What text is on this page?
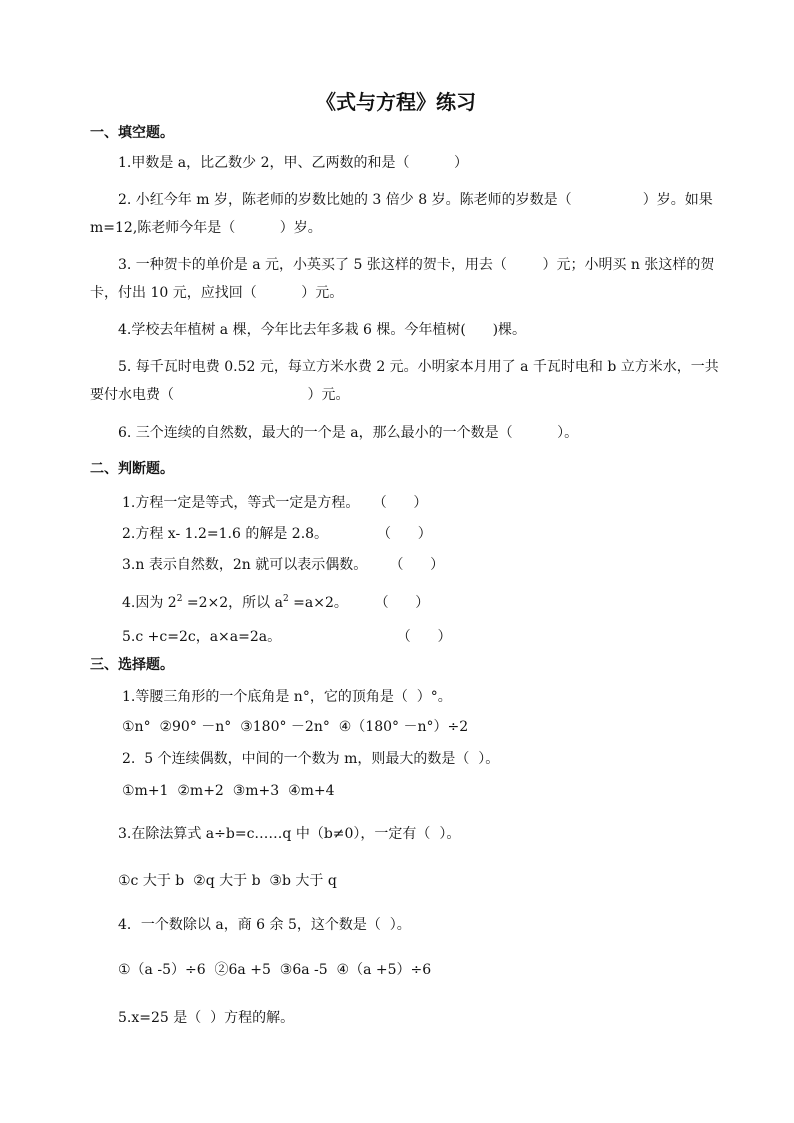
《式与方程》练习
一、填空题。
1.甲数是 a，比乙数少 2，甲、乙两数的和是（          ）
2. 小红今年 m 岁，陈老师的岁数比她的 3 倍少 8 岁。陈老师的岁数是（                ）岁。如果
m=12,陈老师今年是（          ）岁。
3. 一种贺卡的单价是 a 元，小英买了 5 张这样的贺卡，用去（        ）元；小明买 n 张这样的贺
卡，付出 10 元，应找回（          ）元。
4.学校去年植树 a 棵，今年比去年多栽 6 棵。今年植树(      )棵。
5. 每千瓦时电费 0.52 元，每立方米水费 2 元。小明家本月用了 a 千瓦时电和 b 立方米水，一共
要付水电费（                              ）元。
6. 三个连续的自然数，最大的一个是 a，那么最小的一个数是（          ）。
二、判断题。
1.方程一定是等式，等式一定是方程。   （      ）
2.方程 x- 1.2=1.6 的解是 2.8。           （      ）
3.n 表示自然数，2n 就可以表示偶数。     （      ）
4.因为 $2^2 =2\times 2$，所以 $a^2 =a\times 2$。      （      ）
5.c +c=2c，a×a=2a。                          （      ）
三、选择题。
1.等腰三角形的一个底角是 n°，它的顶角是（  ）°。
①n°  ②90° －n°  ③180° －2n°  ④（180° －n°）÷2
2.  5 个连续偶数，中间的一个数为 m，则最大的数是（  ）。
①m+1  ②m+2  ③m+3  ④m+4
3.在除法算式 a÷b=c……q 中（b≠0），一定有（  ）。
①c 大于 b  ②q 大于 b  ③b 大于 q
4．一个数除以 a，商 6 余 5，这个数是（  ）。
①（a -5）÷6  ②6a +5  ③6a -5  ④（a +5）÷6
5.x=25 是（  ）方程的解。
